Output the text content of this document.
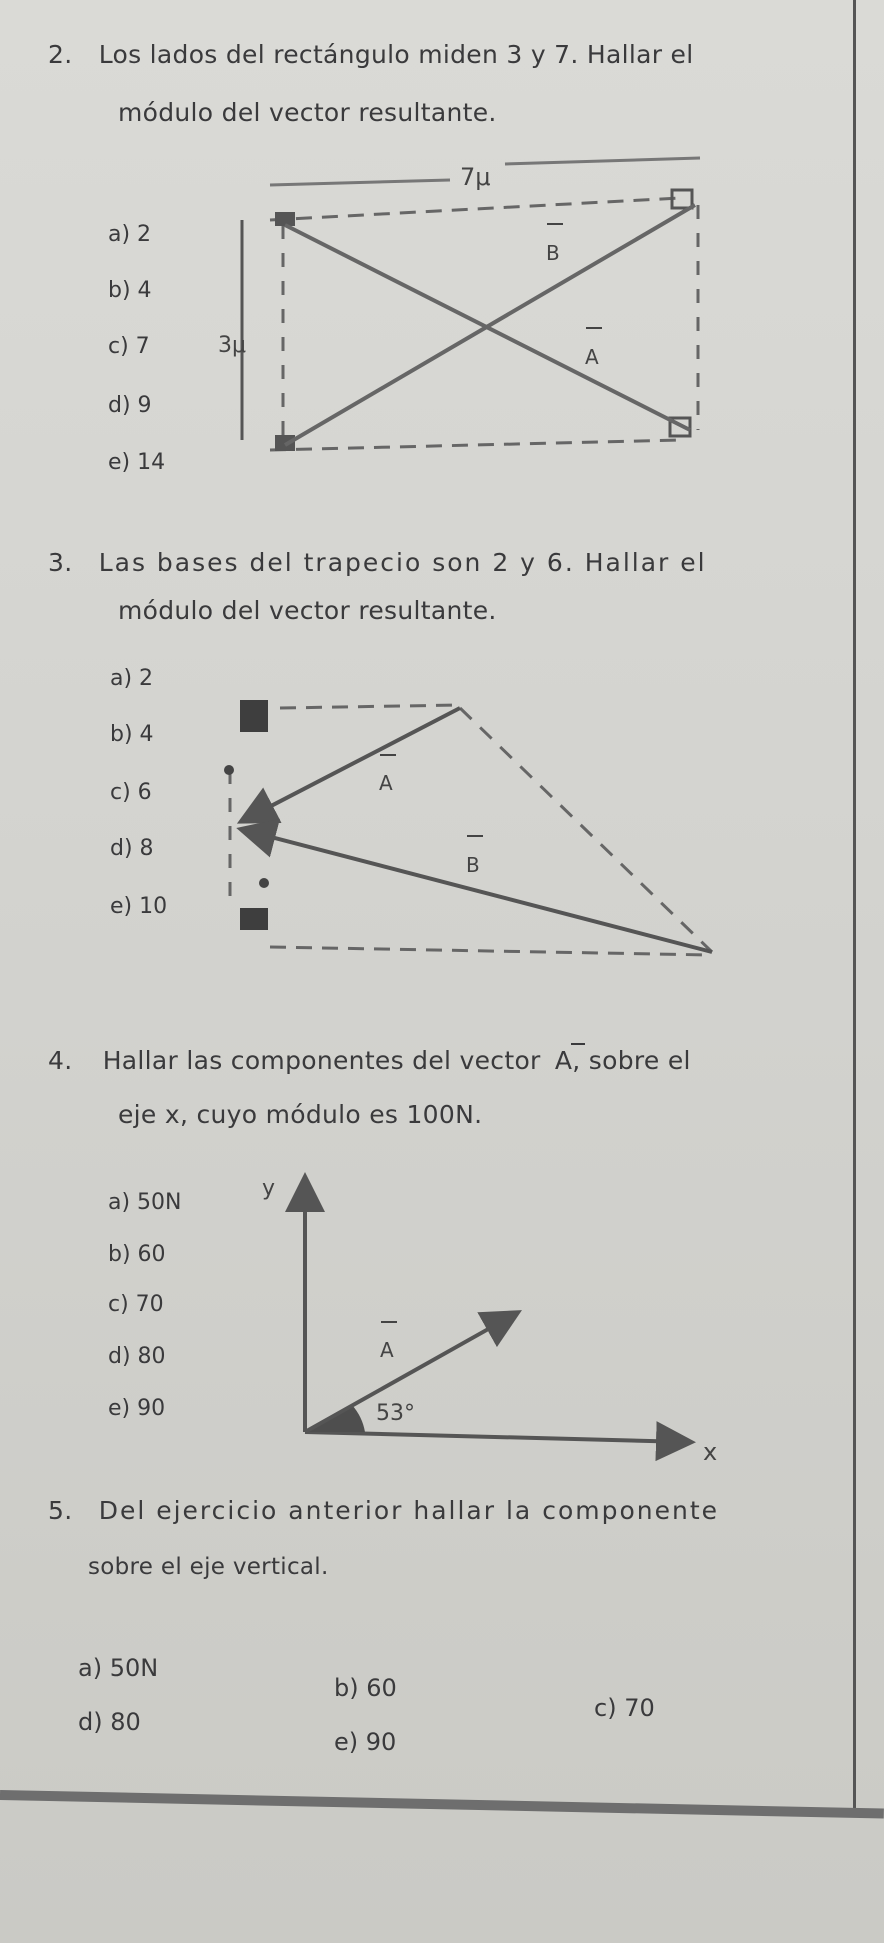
2. Los lados del rectángulo miden 3 y 7. Hallar el
módulo del vector resultante.
a) 2
b) 4
c) 7
d) 9
e) 14
7μ
3μ
B
A
A
B
y
x
A
53°
3. Las bases del trapecio son 2 y 6. Hallar el
módulo del vector resultante.
a) 2
b) 4
c) 6
d) 8
e) 10
4. Hallar las componentes del vector A, sobre el
eje x, cuyo módulo es 100N.
a) 50N
b) 60
c) 70
d) 80
e) 90
5. Del ejercicio anterior hallar la componente
sobre el eje vertical.
a) 50N
b) 60
c) 70
d) 80
e) 90
